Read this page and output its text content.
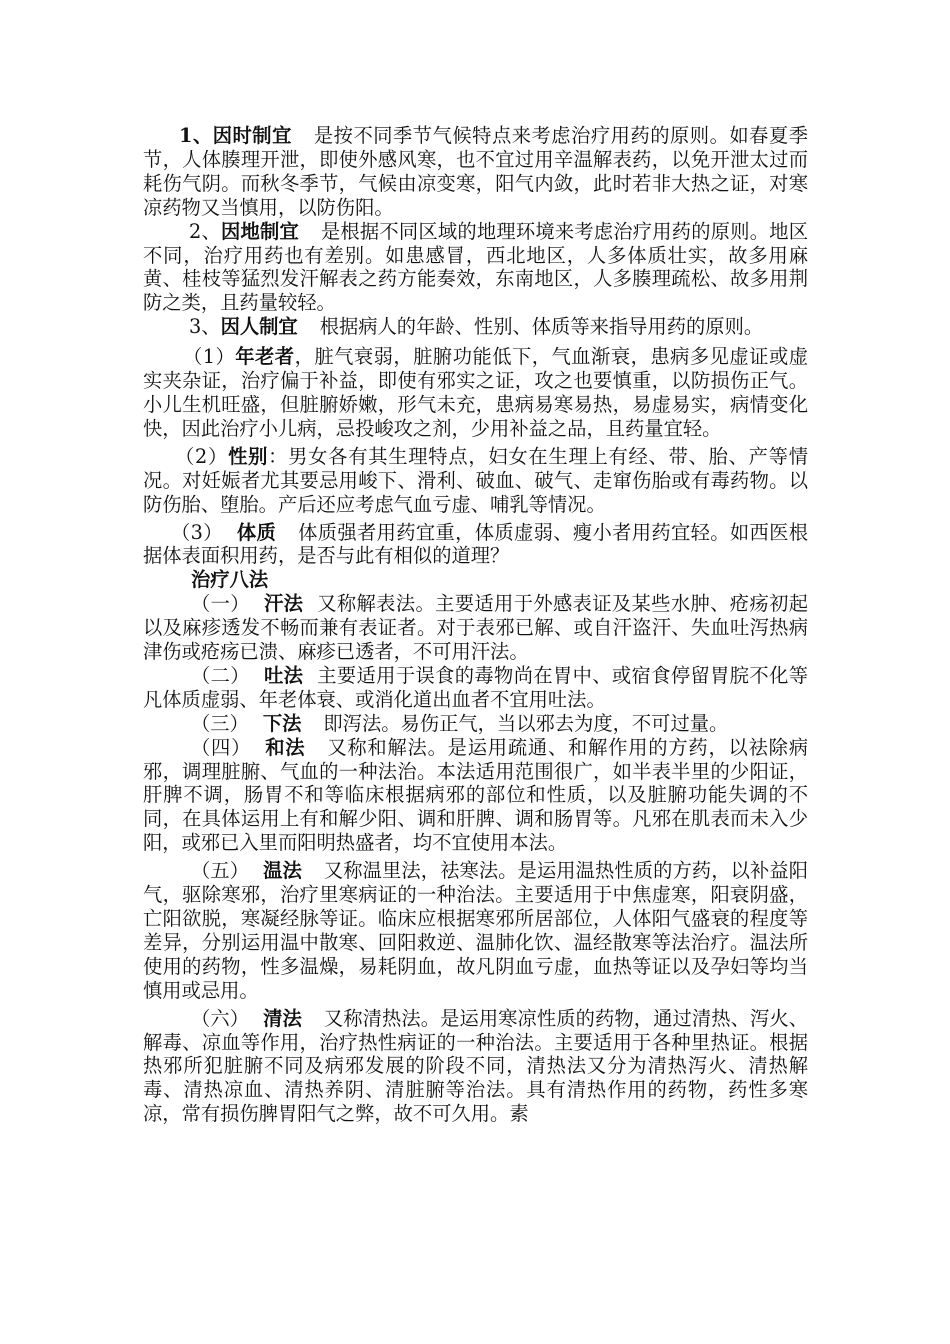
1、因时制宜 是按不同季节气候特点来考虑治疗用药的原则。如春夏季节，人体腠理开泄，即使外感风寒，也不宜过用辛温解表药，以免开泄太过而耗伤气阴。而秋冬季节，气候由凉变寒，阳气内敛，此时若非大热之证，对寒凉药物又当慎用，以防伤阳。

2、因地制宜 是根据不同区域的地理环境来考虑治疗用药的原则。地区不同，治疗用药也有差别。如患感冒，西北地区，人多体质壮实，故多用麻黄、桂枝等猛烈发汗解表之药方能奏效，东南地区，人多腠理疏松、故多用荆防之类，且药量较轻。

3、因人制宜 根据病人的年龄、性别、体质等来指导用药的原则。

（1）年老者，脏气衰弱，脏腑功能低下，气血渐衰，患病多见虚证或虚实夹杂证，治疗偏于补益，即使有邪实之证，攻之也要慎重，以防损伤正气。小儿生机旺盛，但脏腑娇嫩，形气未充，患病易寒易热，易虚易实，病情变化快，因此治疗小儿病，忌投峻攻之剂，少用补益之品，且药量宜轻。

（2）性别：男女各有其生理特点，妇女在生理上有经、带、胎、产等情况。对妊娠者尤其要忌用峻下、滑利、破血、破气、走窜伤胎或有毒药物。以防伤胎、堕胎。产后还应考虑气血亏虚、哺乳等情况。

（3） 体质 体质强者用药宜重，体质虚弱、瘦小者用药宜轻。如西医根据体表面积用药，是否与此有相似的道理？

治疗八法

（一） 汗法 又称解表法。主要适用于外感表证及某些水肿、疮疡初起以及麻疹透发不畅而兼有表证者。对于表邪已解、或自汗盗汗、失血吐泻热病津伤或疮疡已溃、麻疹已透者，不可用汗法。

（二） 吐法 主要适用于误食的毒物尚在胃中、或宿食停留胃脘不化等凡体质虚弱、年老体衰、或消化道出血者不宜用吐法。

（三） 下法 即泻法。易伤正气，当以邪去为度，不可过量。

（四） 和法 又称和解法。是运用疏通、和解作用的方药，以祛除病邪，调理脏腑、气血的一种法治。本法适用范围很广，如半表半里的少阳证，肝脾不调，肠胃不和等临床根据病邪的部位和性质，以及脏腑功能失调的不同，在具体运用上有和解少阳、调和肝脾、调和肠胃等。凡邪在肌表而未入少阳，或邪已入里而阳明热盛者，均不宜使用本法。

（五） 温法 又称温里法，祛寒法。是运用温热性质的方药，以补益阳气，驱除寒邪，治疗里寒病证的一种治法。主要适用于中焦虚寒，阳衰阴盛，亡阳欲脱，寒凝经脉等证。临床应根据寒邪所居部位，人体阳气盛衰的程度等差异，分别运用温中散寒、回阳救逆、温肺化饮、温经散寒等法治疗。温法所使用的药物，性多温燥，易耗阴血，故凡阴血亏虚，血热等证以及孕妇等均当慎用或忌用。

（六） 清法 又称清热法。是运用寒凉性质的药物，通过清热、泻火、解毒、凉血等作用，治疗热性病证的一种治法。主要适用于各种里热证。根据热邪所犯脏腑不同及病邪发展的阶段不同，清热法又分为清热泻火、清热解毒、清热凉血、清热养阴、清脏腑等治法。具有清热作用的药物，药性多寒凉，常有损伤脾胃阳气之弊，故不可久用。素
